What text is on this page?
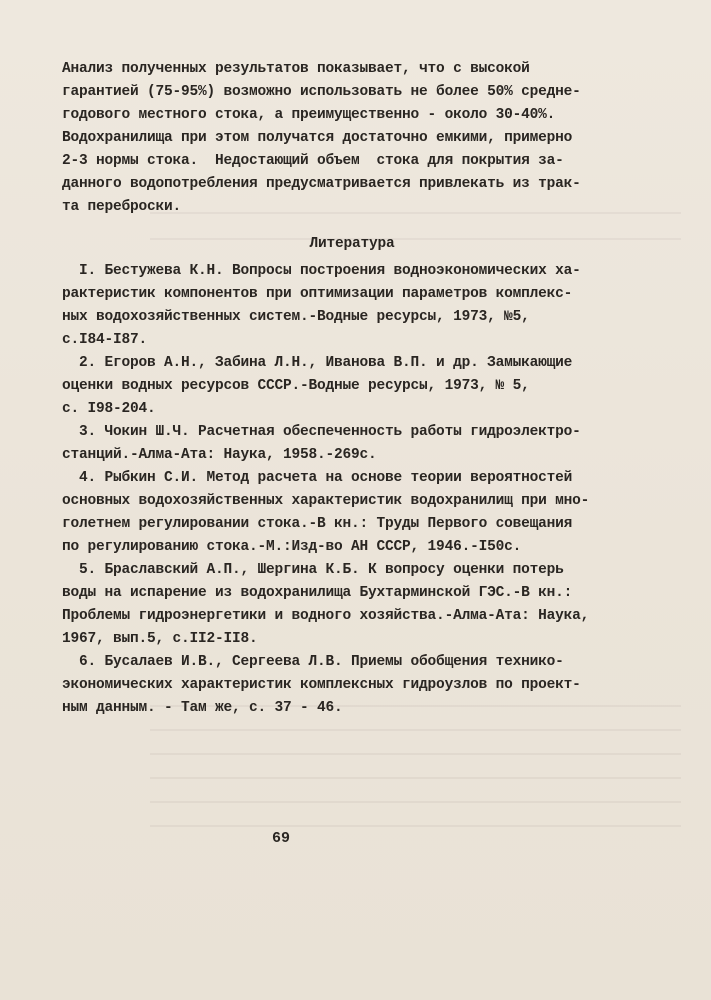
Анализ полученных результатов показывает, что с высокой
гарантией (75-95%) возможно использовать не более 50% средне-
годового местного стока, а преимущественно - около 30-40%.
Водохранилища при этом получатся достаточно емкими, примерно
2-3 нормы стока.  Недостающий объем  стока для покрытия за-
данного водопотребления предусматривается привлекать из трак-
та переброски.
Литература
I. Бестужева К.Н. Вопросы построения водноэкономических ха-
рактеристик компонентов при оптимизации параметров комплекс-
ных водохозяйственных систем.-Водные ресурсы, 1973, №5,
с.I84-I87.
2. Егоров А.Н., Забина Л.Н., Иванова В.П. и др. Замыкающие
оценки водных ресурсов СССР.-Водные ресурсы, 1973, № 5,
с. I98-204.
3. Чокин Ш.Ч. Расчетная обеспеченность работы гидроэлектро-
станций.-Алма-Ата: Наука, 1958.-269с.
4. Рыбкин С.И. Метод расчета на основе теории вероятностей
основных водохозяйственных характеристик водохранилищ при мно-
голетнем регулировании стока.-В кн.: Труды Первого совещания
по регулированию стока.-М.:Изд-во АН СССР, 1946.-I50с.
5. Браславский А.П., Шергина К.Б. К вопросу оценки потерь
воды на испарение из водохранилища Бухтарминской ГЭС.-В кн.:
Проблемы гидроэнергетики и водного хозяйства.-Алма-Ата: Наука,
1967, вып.5, с.II2-II8.
6. Бусалаев И.В., Сергеева Л.В. Приемы обобщения технико-
экономических характеристик комплексных гидроузлов по проект-
ным данным. - Там же, с. 37 - 46.
69
